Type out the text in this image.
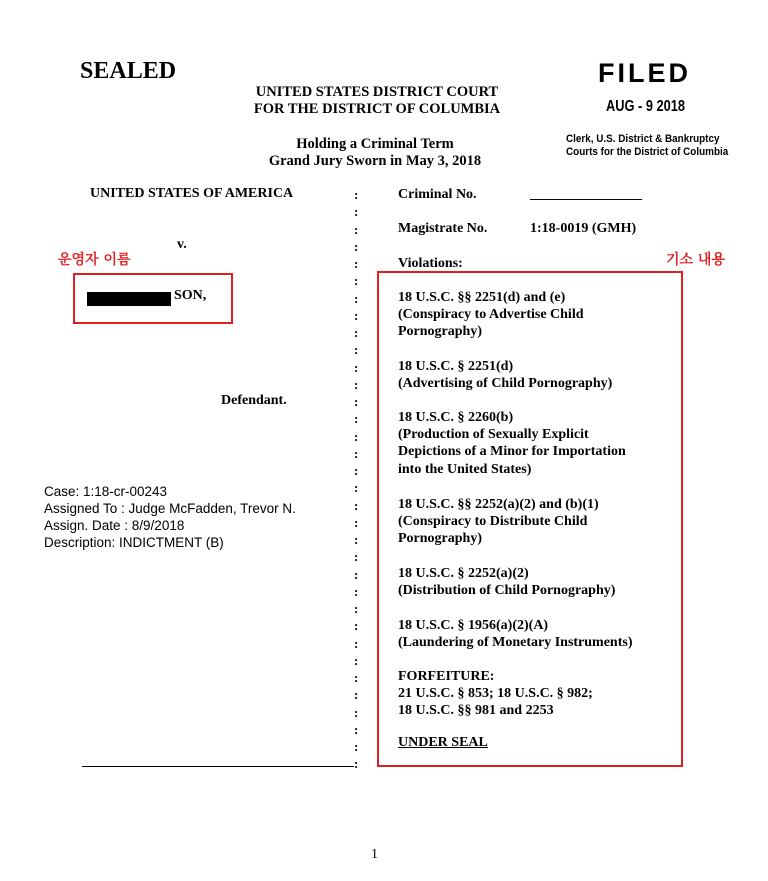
SEALED
UNITED STATES DISTRICT COURT
FOR THE DISTRICT OF COLUMBIA
Holding a Criminal Term
Grand Jury Sworn in May 3, 2018
FILED
AUG - 9 2018
Clerk, U.S. District & Bankruptcy
Courts for the District of Columbia
UNITED STATES OF AMERICA
v.
운영자 이름
SON,
Defendant.
Case: 1:18-cr-00243
Assigned To : Judge McFadden, Trevor N.
Assign. Date : 8/9/2018
Description: INDICTMENT (B)
:
:
:
:
:
:
:
:
:
:
:
:
:
:
:
:
:
:
:
:
:
:
:
:
:
:
:
:
:
:
:
:
:
:
Criminal No.	________________
Magistrate No.	1:18-0019 (GMH)
Violations:	기소 내용
18 U.S.C. §§ 2251(d) and (e)
(Conspiracy to Advertise Child
Pornography)
18 U.S.C. § 2251(d)
(Advertising of Child Pornography)
18 U.S.C. § 2260(b)
(Production of Sexually Explicit
Depictions of a Minor for Importation
into the United States)
18 U.S.C. §§ 2252(a)(2) and (b)(1)
(Conspiracy to Distribute Child
Pornography)
18 U.S.C. § 2252(a)(2)
(Distribution of Child Pornography)
18 U.S.C. § 1956(a)(2)(A)
(Laundering of Monetary Instruments)
FORFEITURE:
21 U.S.C. § 853; 18 U.S.C. § 982;
18 U.S.C. §§ 981 and 2253
UNDER SEAL
1
